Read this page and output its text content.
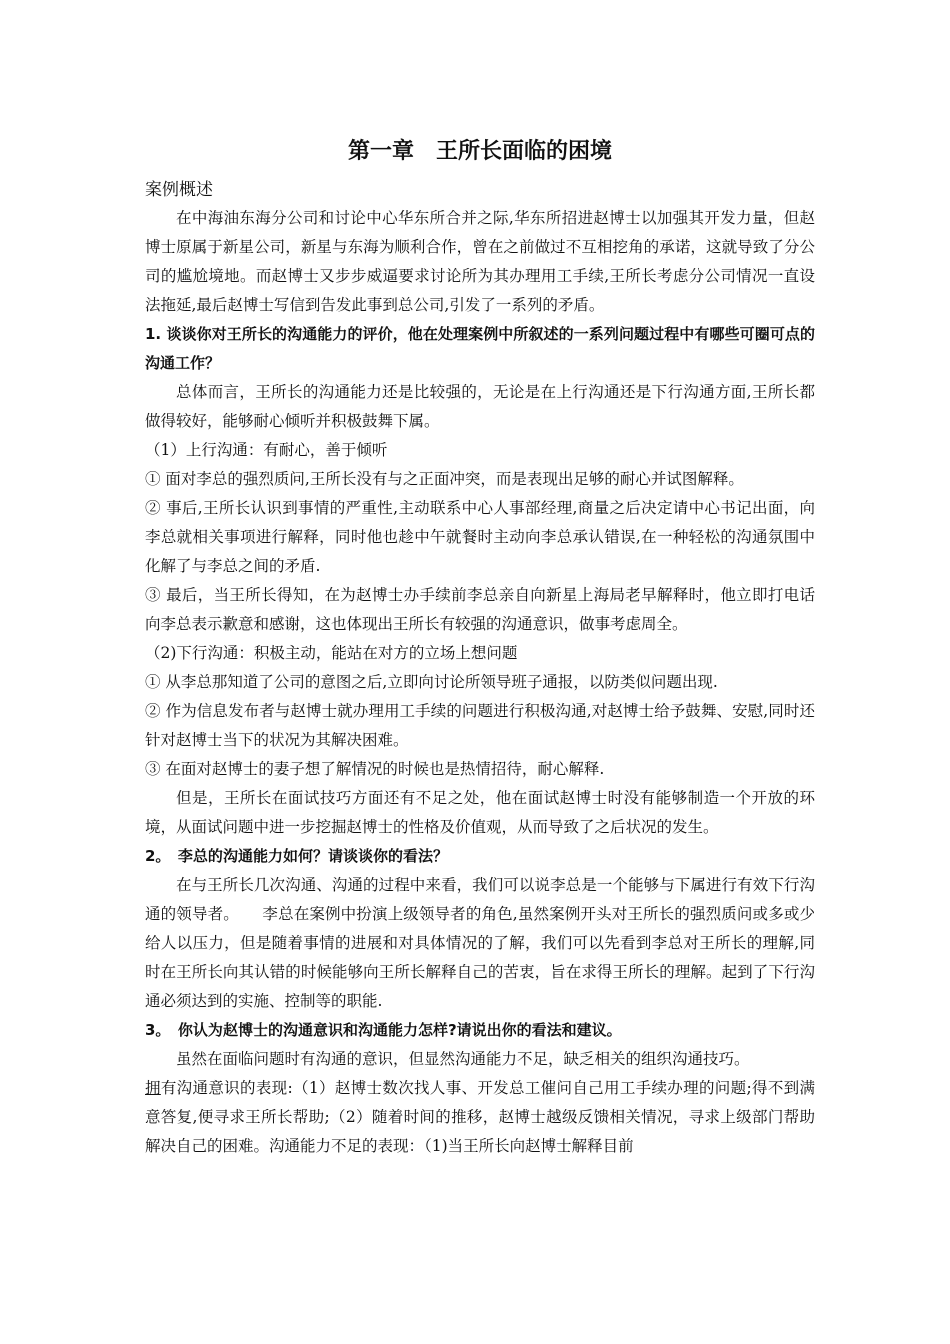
第一章　王所长面临的困境
案例概述

在中海油东海分公司和讨论中心华东所合并之际,华东所招进赵博士以加强其开发力量，但赵博士原属于新星公司，新星与东海为顺利合作，曾在之前做过不互相挖角的承诺，这就导致了分公司的尴尬境地。而赵博士又步步威逼要求讨论所为其办理用工手续,王所长考虑分公司情况一直设法拖延,最后赵博士写信到告发此事到总公司,引发了一系列的矛盾。

1. 谈谈你对王所长的沟通能力的评价，他在处理案例中所叙述的一系列问题过程中有哪些可圈可点的沟通工作？

总体而言，王所长的沟通能力还是比较强的，无论是在上行沟通还是下行沟通方面,王所长都做得较好，能够耐心倾听并积极鼓舞下属。

（1）上行沟通：有耐心，善于倾听

① 面对李总的强烈质问,王所长没有与之正面冲突，而是表现出足够的耐心并试图解释。

② 事后,王所长认识到事情的严重性,主动联系中心人事部经理,商量之后决定请中心书记出面，向李总就相关事项进行解释，同时他也趁中午就餐时主动向李总承认错误,在一种轻松的沟通氛围中化解了与李总之间的矛盾.

③ 最后，当王所长得知，在为赵博士办手续前李总亲自向新星上海局老早解释时，他立即打电话向李总表示歉意和感谢，这也体现出王所长有较强的沟通意识，做事考虑周全。

（2)下行沟通：积极主动，能站在对方的立场上想问题

① 从李总那知道了公司的意图之后,立即向讨论所领导班子通报，以防类似问题出现.

② 作为信息发布者与赵博士就办理用工手续的问题进行积极沟通,对赵博士给予鼓舞、安慰,同时还针对赵博士当下的状况为其解决困难。

③ 在面对赵博士的妻子想了解情况的时候也是热情招待，耐心解释.

但是，王所长在面试技巧方面还有不足之处，他在面试赵博士时没有能够制造一个开放的环境，从面试问题中进一步挖掘赵博士的性格及价值观，从而导致了之后状况的发生。

2。　李总的沟通能力如何？请谈谈你的看法？

在与王所长几次沟通、沟通的过程中来看，我们可以说李总是一个能够与下属进行有效下行沟通的领导者。　　李总在案例中扮演上级领导者的角色,虽然案例开头对王所长的强烈质问或多或少给人以压力，但是随着事情的进展和对具体情况的了解，我们可以先看到李总对王所长的理解,同时在王所长向其认错的时候能够向王所长解释自己的苦衷，旨在求得王所长的理解。起到了下行沟通必须达到的实施、控制等的职能.

3。　你认为赵博士的沟通意识和沟通能力怎样?请说出你的看法和建议。

虽然在面临问题时有沟通的意识，但显然沟通能力不足，缺乏相关的组织沟通技巧。

拥有沟通意识的表现:（1）赵博士数次找人事、开发总工催问自己用工手续办理的问题;得不到满意答复,便寻求王所长帮助;（2）随着时间的推移，赵博士越级反馈相关情况，寻求上级部门帮助解决自己的困难。沟通能力不足的表现：（1)当王所长向赵博士解释目前
